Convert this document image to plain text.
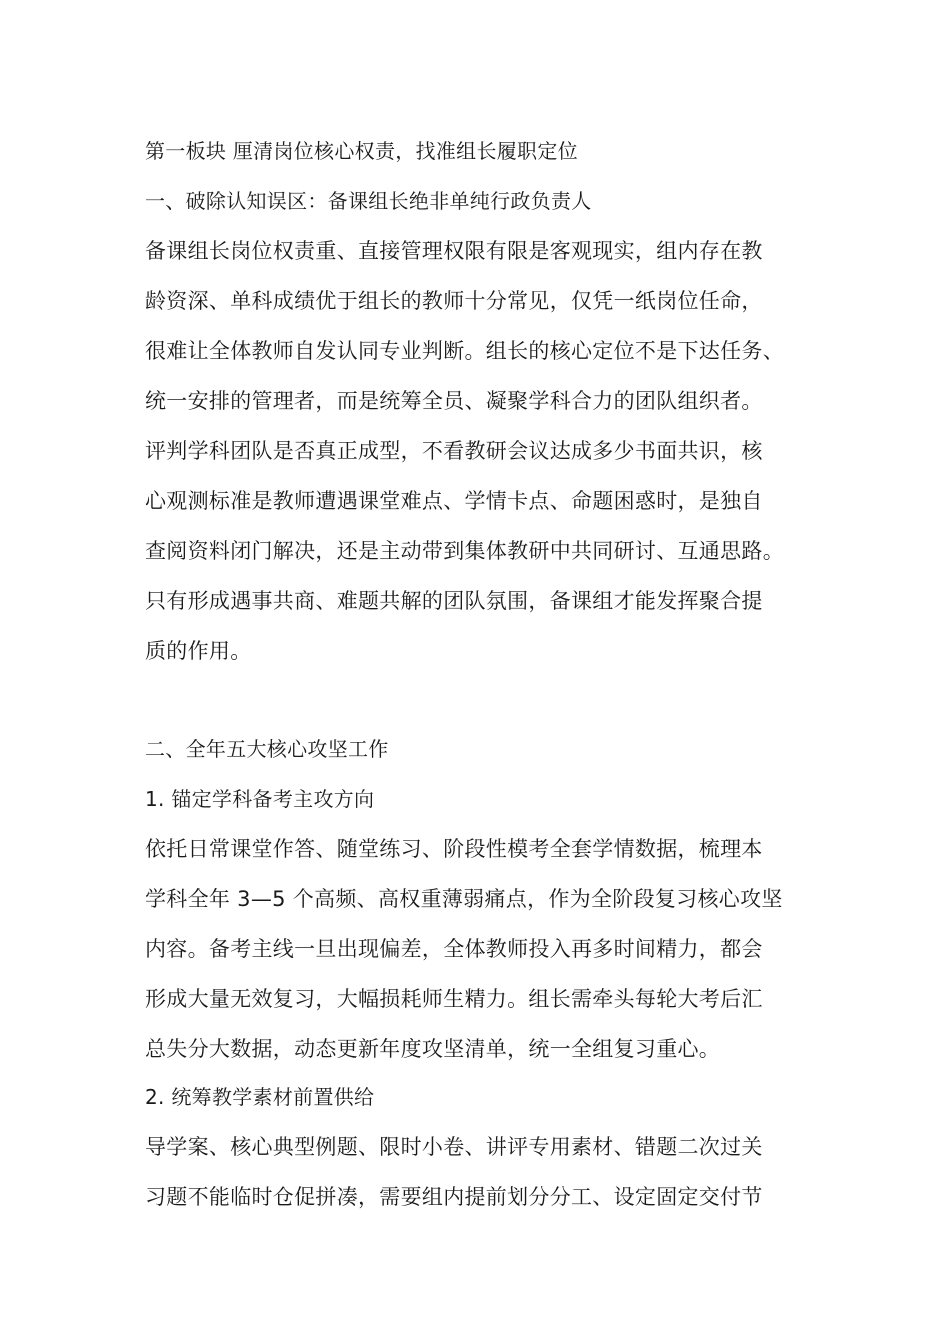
第一板块 厘清岗位核心权责，找准组长履职定位
一、破除认知误区：备课组长绝非单纯行政负责人
备课组长岗位权责重、直接管理权限有限是客观现实，组内存在教
龄资深、单科成绩优于组长的教师十分常见，仅凭一纸岗位任命，
很难让全体教师自发认同专业判断。组长的核心定位不是下达任务、
统一安排的管理者，而是统筹全员、凝聚学科合力的团队组织者。
评判学科团队是否真正成型，不看教研会议达成多少书面共识，核
心观测标准是教师遭遇课堂难点、学情卡点、命题困惑时，是独自
查阅资料闭门解决，还是主动带到集体教研中共同研讨、互通思路。
只有形成遇事共商、难题共解的团队氛围，备课组才能发挥聚合提
质的作用。
二、全年五大核心攻坚工作
1. 锚定学科备考主攻方向
依托日常课堂作答、随堂练习、阶段性模考全套学情数据，梳理本
学科全年 3—5 个高频、高权重薄弱痛点，作为全阶段复习核心攻坚
内容。备考主线一旦出现偏差，全体教师投入再多时间精力，都会
形成大量无效复习，大幅损耗师生精力。组长需牵头每轮大考后汇
总失分大数据，动态更新年度攻坚清单，统一全组复习重心。
2. 统筹教学素材前置供给
导学案、核心典型例题、限时小卷、讲评专用素材、错题二次过关
习题不能临时仓促拼凑，需要组内提前划分分工、设定固定交付节
